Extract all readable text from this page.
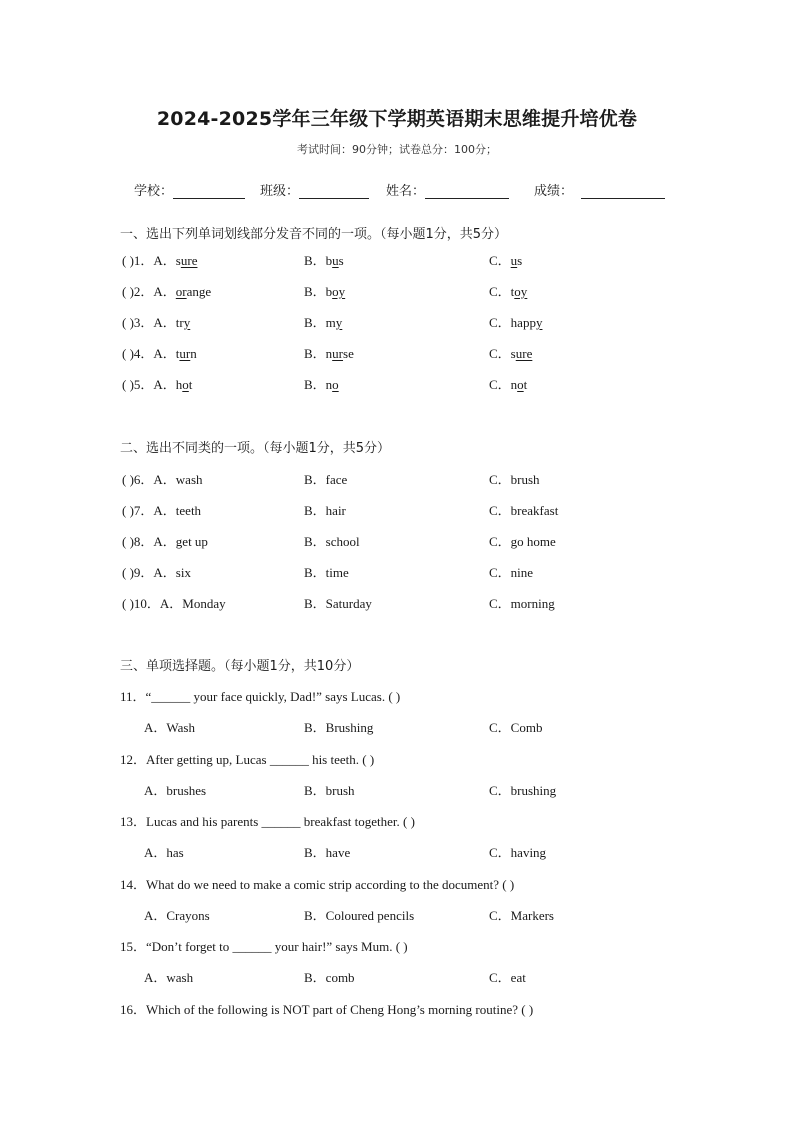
2024-2025学年三年级下学期英语期末思维提升培优卷
考试时间：90分钟；试卷总分：100分；
学校：	班级：	姓名：	成绩：
一、选出下列单词划线部分发音不同的一项。（每小题1分，共5分）
( )1．A．sure	B．bus	C．us
( )2．A．orange	B．boy	C．toy
( )3．A．try	B．my	C．happy
( )4．A．turn	B．nurse	C．sure
( )5．A．hot	B．no	C．not
二、选出不同类的一项。（每小题1分，共5分）
( )6．A．wash	B．face	C．brush
( )7．A．teeth	B．hair	C．breakfast
( )8．A．get up	B．school	C．go home
( )9．A．six	B．time	C．nine
( )10．A．Monday	B．Saturday	C．morning
三、单项选择题。（每小题1分，共10分）
11．“______ your face quickly, Dad!” says Lucas. ( )
A．Wash	B．Brushing	C．Comb
12．After getting up, Lucas ______ his teeth. ( )
A．brushes	B．brush	C．brushing
13．Lucas and his parents ______ breakfast together. ( )
A．has	B．have	C．having
14．What do we need to make a comic strip according to the document? ( )
A．Crayons	B．Coloured pencils	C．Markers
15．“Don’t forget to ______ your hair!” says Mum. ( )
A．wash	B．comb	C．eat
16．Which of the following is NOT part of Cheng Hong’s morning routine? ( )
